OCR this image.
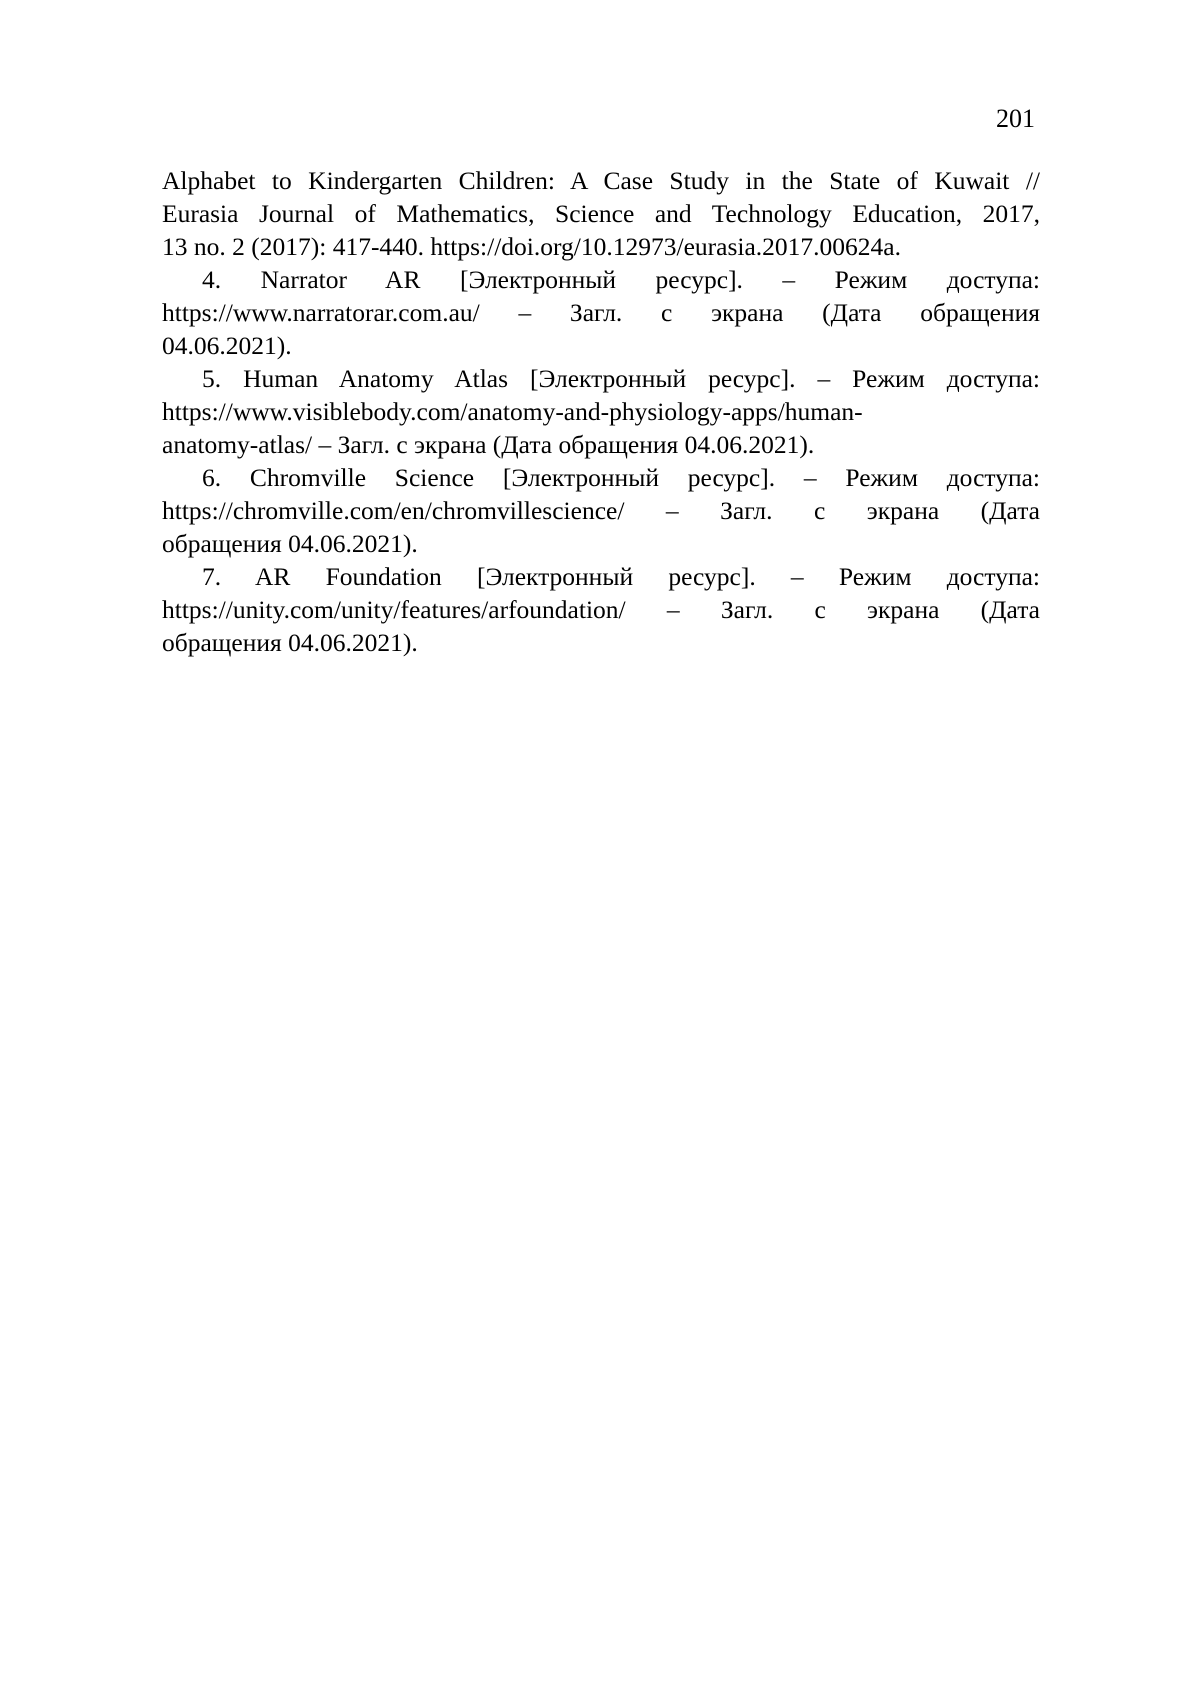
201
Alphabet to Kindergarten Children: A Case Study in the State of Kuwait //
Eurasia Journal of Mathematics, Science and Technology Education, 2017,
13 no. 2 (2017): 417-440. https://doi.org/10.12973/eurasia.2017.00624a.
4. Narrator AR [Электронный ресурс]. – Режим доступа:
https://www.narratorar.com.au/ – Загл. с экрана (Дата обращения
04.06.2021).
5. Human Anatomy Atlas [Электронный ресурс]. – Режим доступа:
https://www.visiblebody.com/anatomy-and-physiology-apps/human-
anatomy-atlas/ – Загл. с экрана (Дата обращения 04.06.2021).
6. Chromville Science [Электронный ресурс]. – Режим доступа:
https://chromville.com/en/chromvillescience/ – Загл. с экрана (Дата
обращения 04.06.2021).
7. AR Foundation [Электронный ресурс]. – Режим доступа:
https://unity.com/unity/features/arfoundation/ – Загл. с экрана (Дата
обращения 04.06.2021).
